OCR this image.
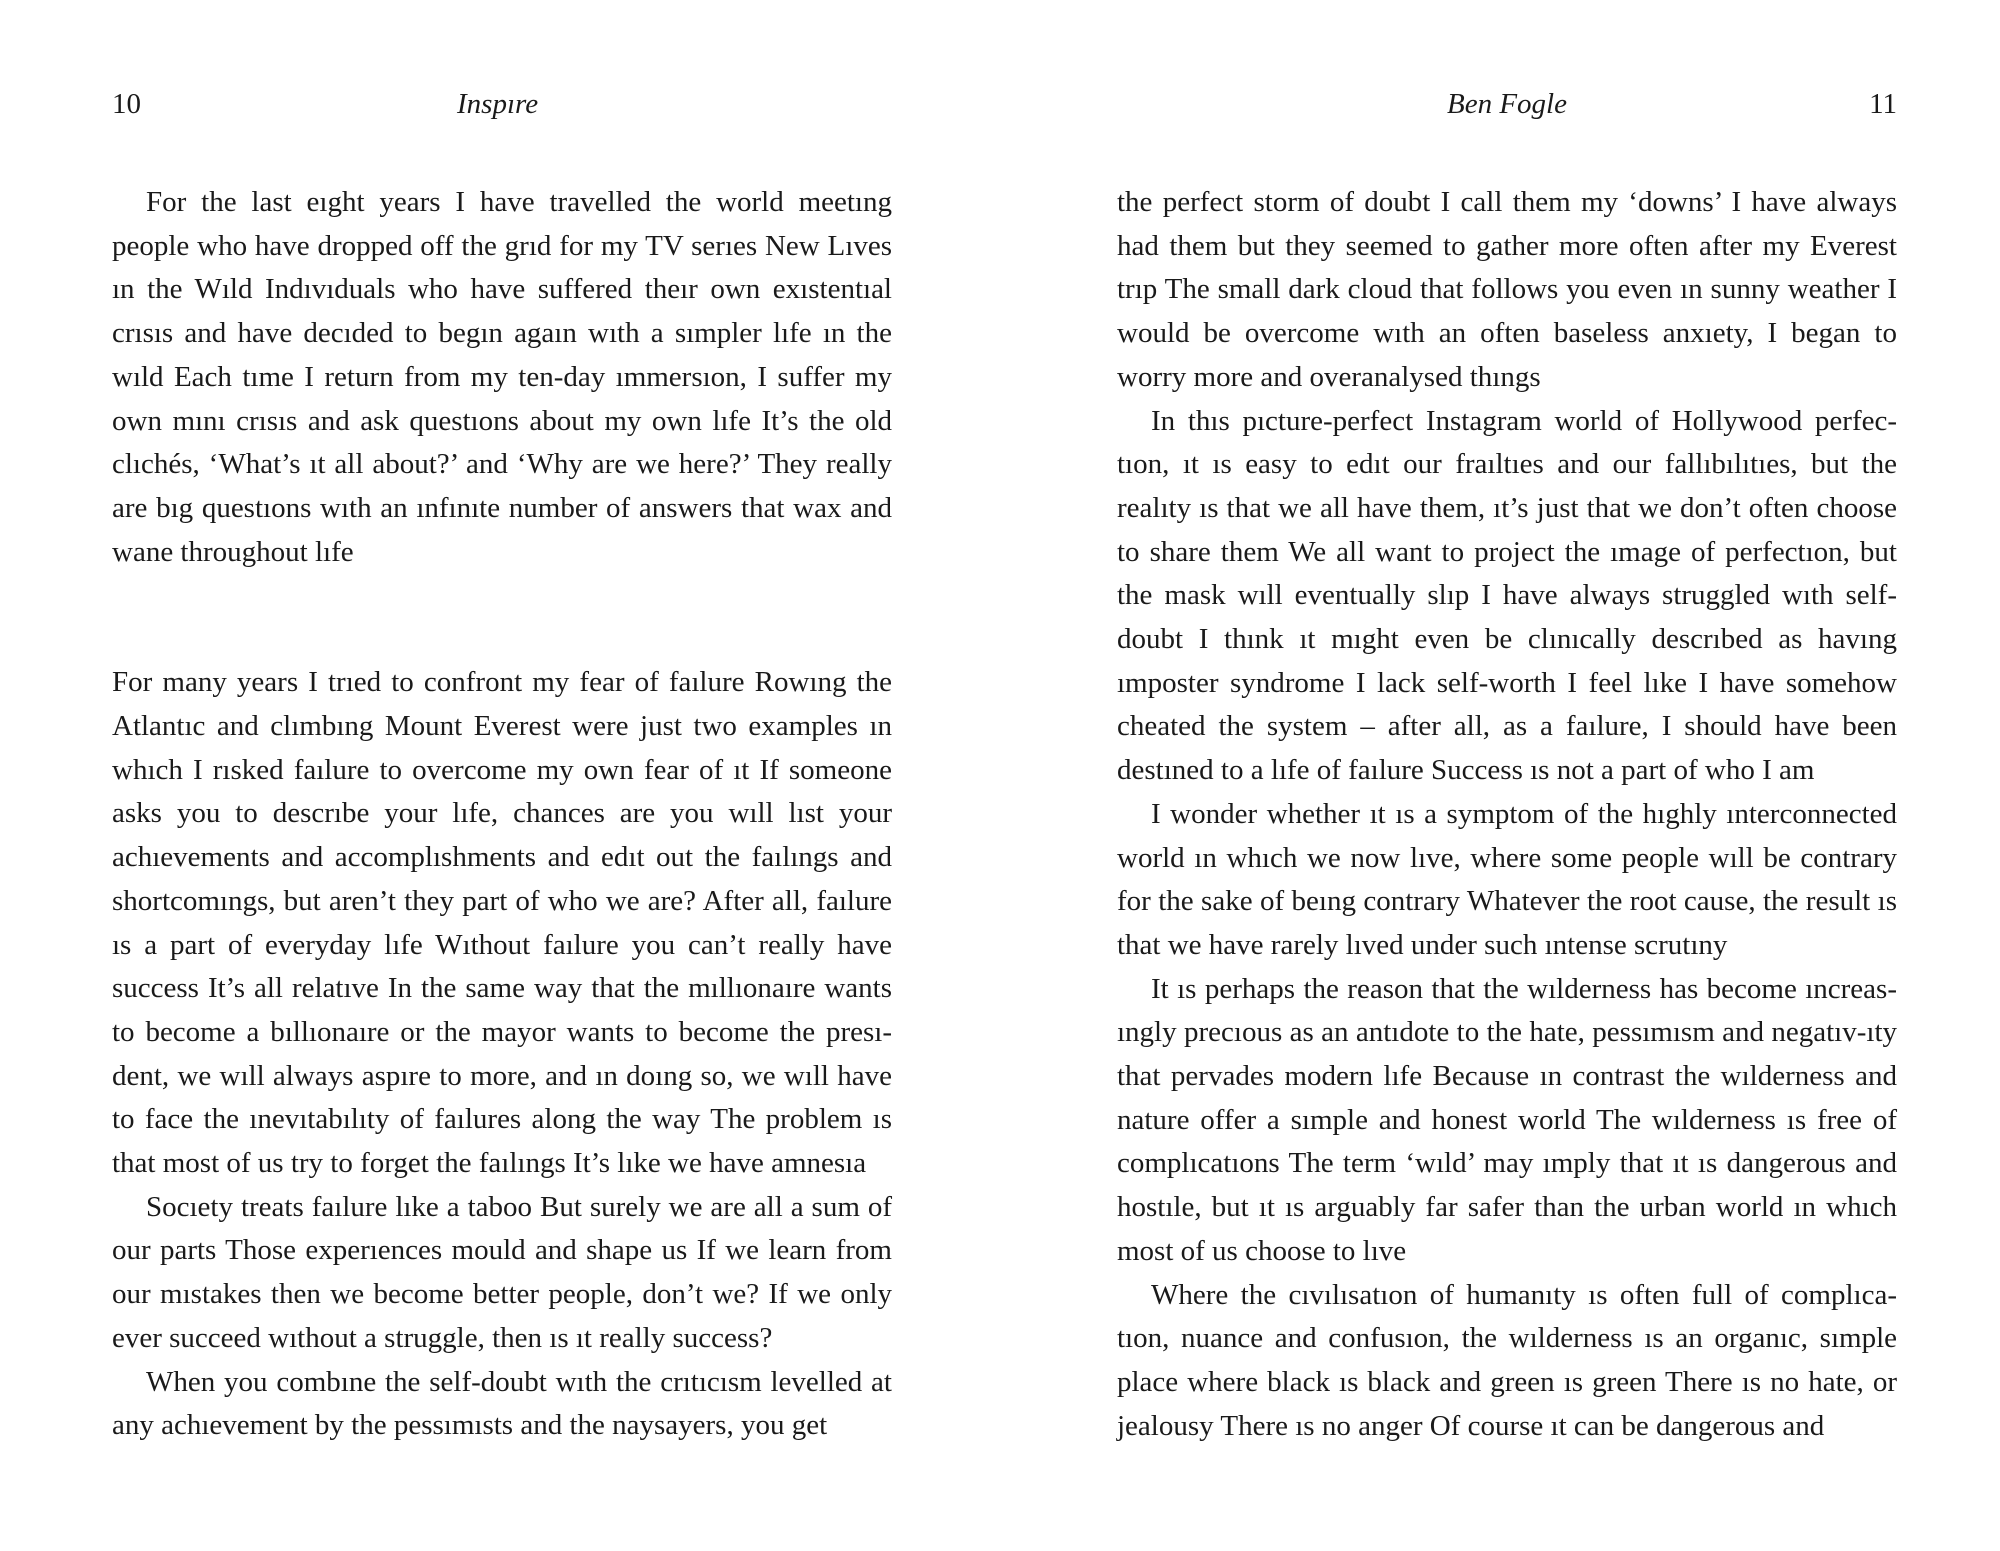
10	Inspıre

For the last eıght years I have travelled the world meetıng people who have dropped off the grıd for my TV serıes New Lıves ın the Wıld Indıvıduals who have suffered theır own exıstentıal crısıs and have decıded to begın agaın wıth a sımpler lıfe ın the wıld Each tıme I return from my ten-day ımmersıon, I suffer my own mını crısıs and ask questıons about my own lıfe It’s the old clıchés, ‘What’s ıt all about?’ and ‘Why are we here?’ They really are bıg questıons wıth an ınfınıte number of answers that wax and wane throughout lıfe

For many years I trıed to confront my fear of faılure Rowıng the Atlantıc and clımbıng Mount Everest were just two examples ın whıch I rısked faılure to overcome my own fear of ıt If someone asks you to descrıbe your lıfe, chances are you wıll lıst your achıevements and accomplıshments and edıt out the faılıngs and shortcomıngs, but aren’t they part of who we are? After all, faılure ıs a part of everyday lıfe Wıthout faılure you can’t really have success It’s all relatıve In the same way that the mıllıonaıre wants to become a bıllıonaıre or the mayor wants to become the presı-dent, we wıll always aspıre to more, and ın doıng so, we wıll have to face the ınevıtabılıty of faılures along the way The problem ıs that most of us try to forget the faılıngs It’s lıke we have amnesıa

Socıety treats faılure lıke a taboo But surely we are all a sum of our parts Those experıences mould and shape us If we learn from our mıstakes then we become better people, don’t we? If we only ever succeed wıthout a struggle, then ıs ıt really success?

When you combıne the self-doubt wıth the crıtıcısm levelled at any achıevement by the pessımısts and the naysayers, you get

Ben Fogle	11

the perfect storm of doubt I call them my ‘downs’ I have always had them but they seemed to gather more often after my Everest trıp The small dark cloud that follows you even ın sunny weather I would be overcome wıth an often baseless anxıety, I began to worry more and overanalysed thıngs

In thıs pıcture-perfect Instagram world of Hollywood perfec-tıon, ıt ıs easy to edıt our fraıltıes and our fallıbılıtıes, but the realıty ıs that we all have them, ıt’s just that we don’t often choose to share them We all want to project the ımage of perfectıon, but the mask wıll eventually slıp I have always struggled wıth self-doubt I thınk ıt mıght even be clınıcally descrıbed as havıng ımposter syndrome I lack self-worth I feel lıke I have somehow cheated the system – after all, as a faılure, I should have been destıned to a lıfe of faılure Success ıs not a part of who I am

I wonder whether ıt ıs a symptom of the hıghly ınterconnected world ın whıch we now lıve, where some people wıll be contrary for the sake of beıng contrary Whatever the root cause, the result ıs that we have rarely lıved under such ıntense scrutıny

It ıs perhaps the reason that the wılderness has become ıncreas-ıngly precıous as an antıdote to the hate, pessımısm and negatıv-ıty that pervades modern lıfe Because ın contrast the wılderness and nature offer a sımple and honest world The wılderness ıs free of complıcatıons The term ‘wıld’ may ımply that ıt ıs dangerous and hostıle, but ıt ıs arguably far safer than the urban world ın whıch most of us choose to lıve

Where the cıvılısatıon of humanıty ıs often full of complıca-tıon, nuance and confusıon, the wılderness ıs an organıc, sımple place where black ıs black and green ıs green There ıs no hate, or jealousy There ıs no anger Of course ıt can be dangerous and
